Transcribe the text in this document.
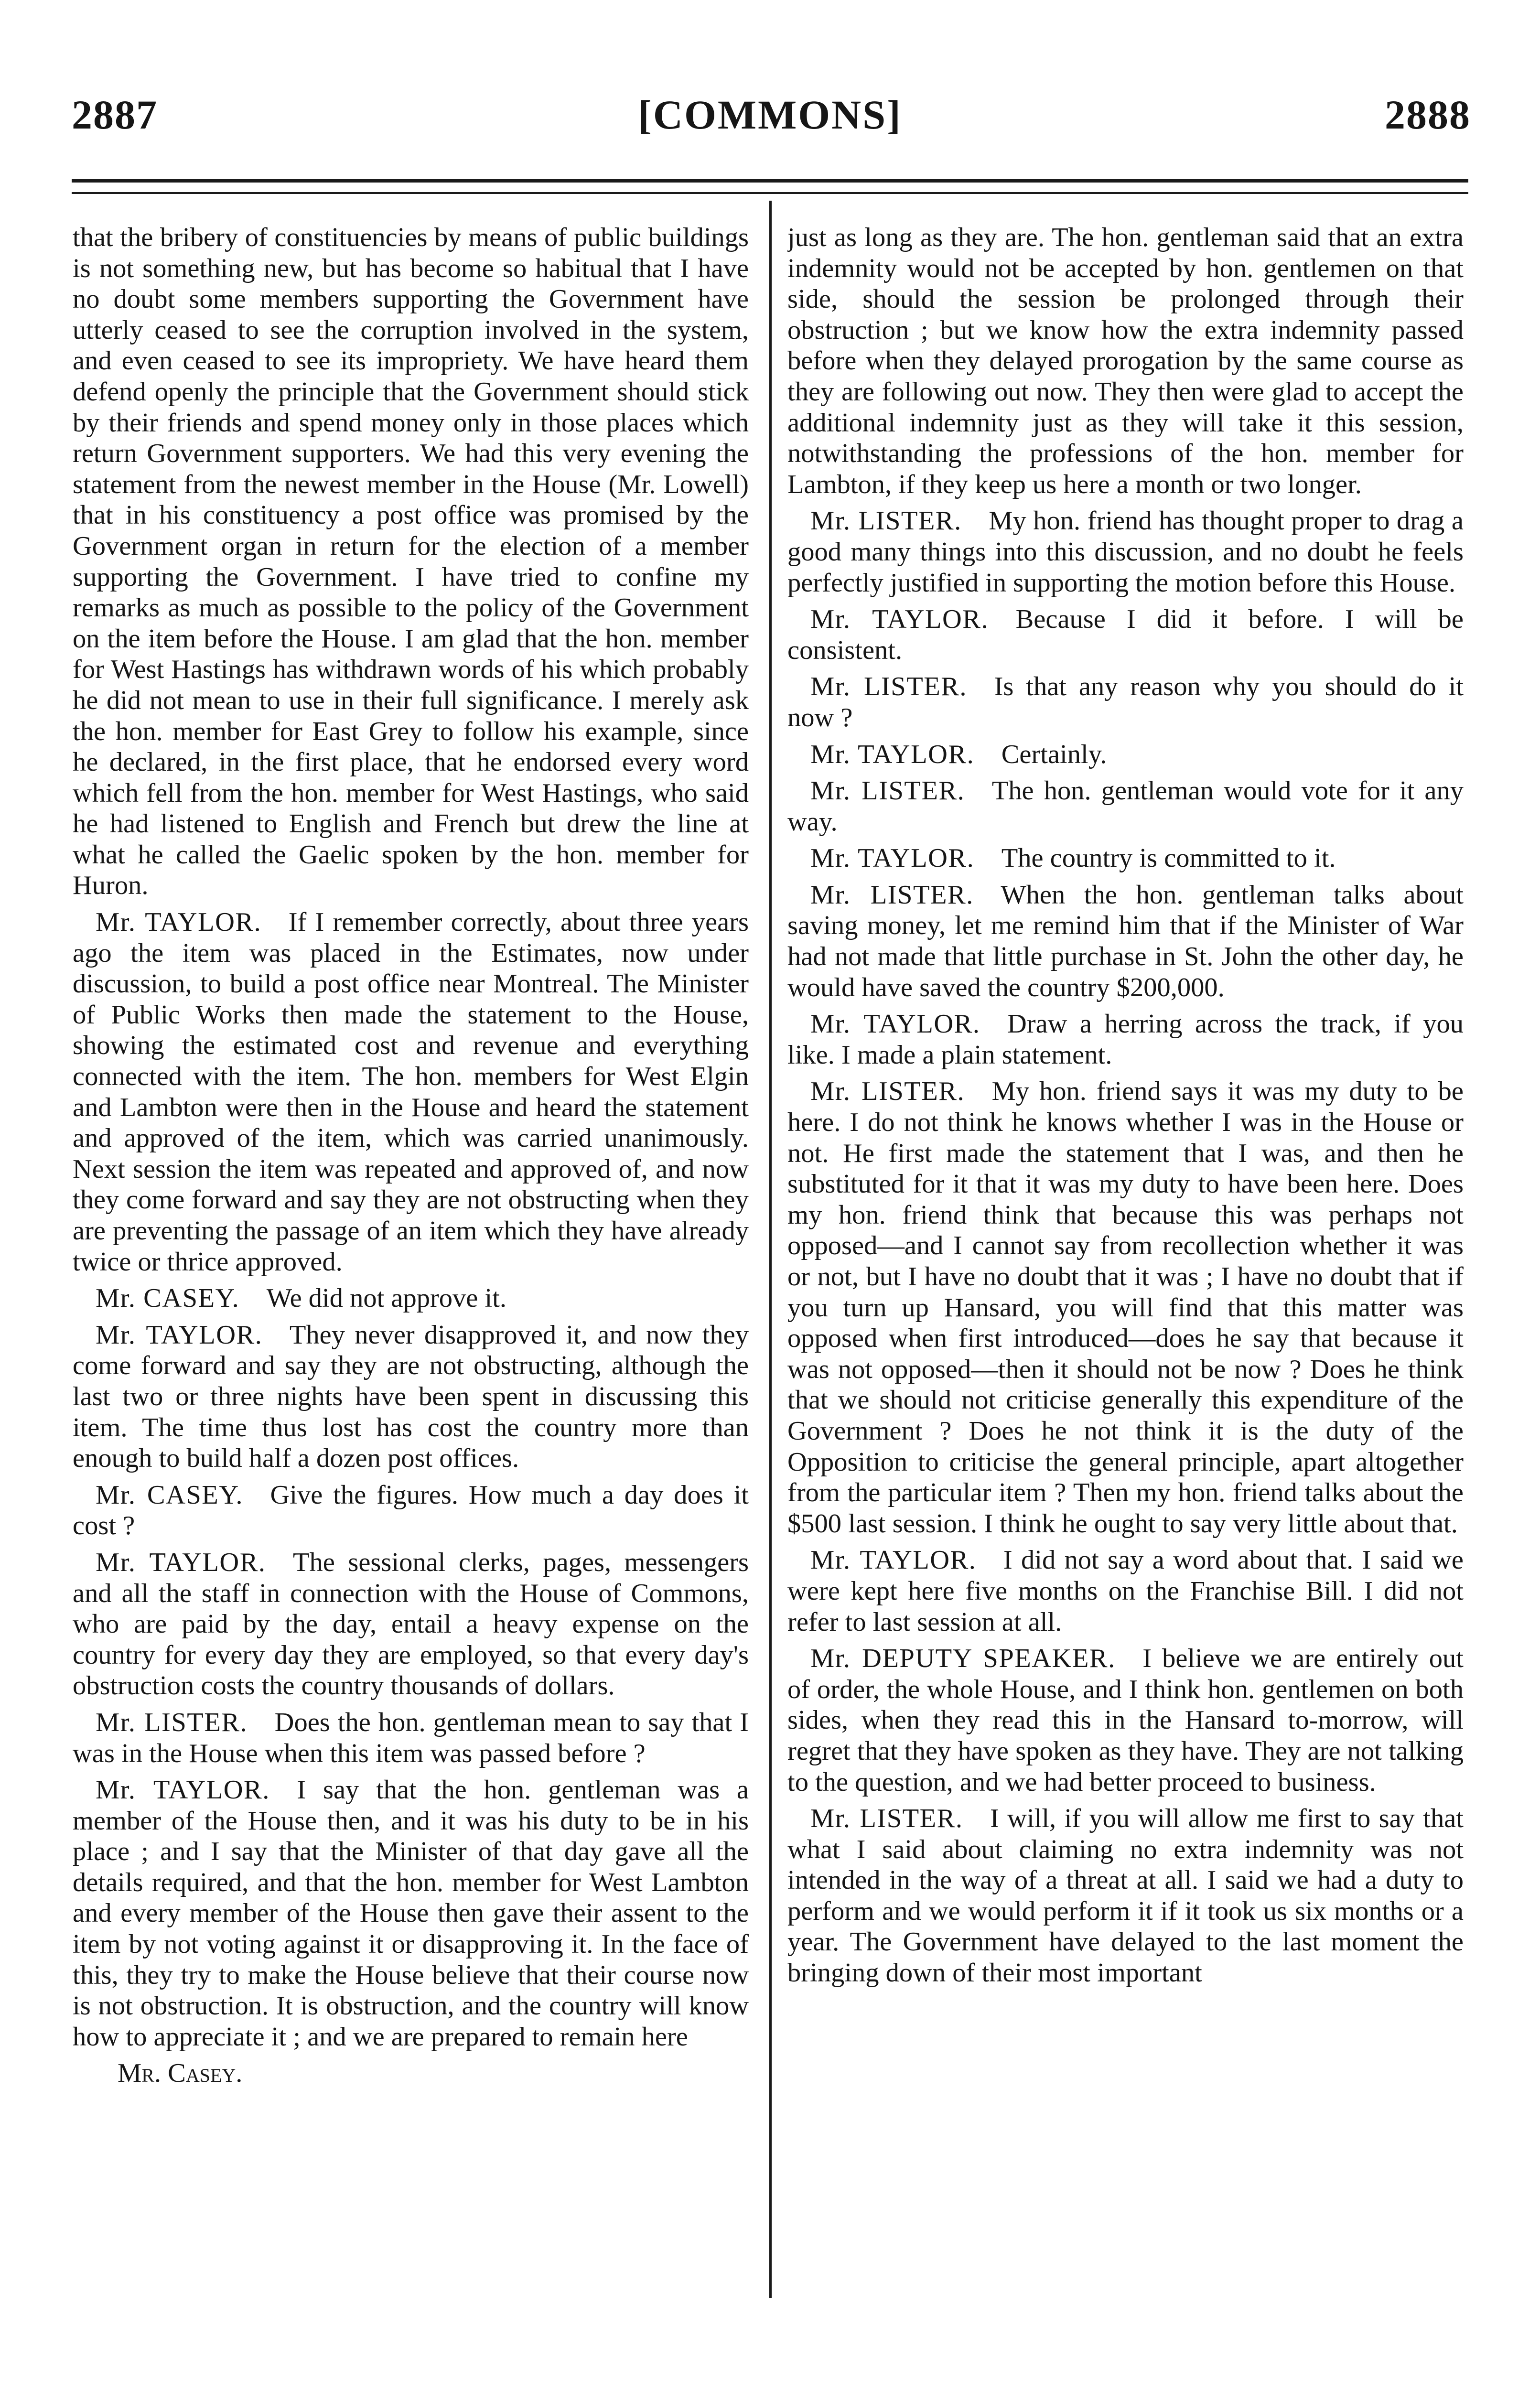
[COMMONS]
2887	2888

that the bribery of constituencies by means of public buildings is not something new, but has become so habitual that I have no doubt some members supporting the Government have utterly ceased to see the corruption involved in the system, and even ceased to see its impropriety. We have heard them defend openly the principle that the Government should stick by their friends and spend money only in those places which return Government supporters. We had this very evening the statement from the newest member in the House (Mr. Lowell) that in his constituency a post office was promised by the Government organ in return for the election of a member supporting the Government. I have tried to confine my remarks as much as possible to the policy of the Government on the item before the House. I am glad that the hon. member for West Hastings has withdrawn words of his which probably he did not mean to use in their full significance. I merely ask the hon. member for East Grey to follow his example, since he declared, in the first place, that he endorsed every word which fell from the hon. member for West Hastings, who said he had listened to English and French but drew the line at what he called the Gaelic spoken by the hon. member for Huron.

Mr. TAYLOR.  If I remember correctly, about three years ago the item was placed in the Estimates, now under discussion, to build a post office near Montreal. The Minister of Public Works then made the statement to the House, showing the estimated cost and revenue and everything connected with the item. The hon. members for West Elgin and Lambton were then in the House and heard the statement and approved of the item, which was carried unanimously. Next session the item was repeated and approved of, and now they come forward and say they are not obstructing when they are preventing the passage of an item which they have already twice or thrice approved.

Mr. CASEY.  We did not approve it.

Mr. TAYLOR.  They never disapproved it, and now they come forward and say they are not obstructing, although the last two or three nights have been spent in discussing this item. The time thus lost has cost the country more than enough to build half a dozen post offices.

Mr. CASEY.  Give the figures. How much a day does it cost ?

Mr. TAYLOR.  The sessional clerks, pages, messengers and all the staff in connection with the House of Commons, who are paid by the day, entail a heavy expense on the country for every day they are employed, so that every day's obstruction costs the country thousands of dollars.

Mr. LISTER.  Does the hon. gentleman mean to say that I was in the House when this item was passed before ?

Mr. TAYLOR.  I say that the hon. gentleman was a member of the House then, and it was his duty to be in his place ; and I say that the Minister of that day gave all the details required, and that the hon. member for West Lambton and every member of the House then gave their assent to the item by not voting against it or disapproving it. In the face of this, they try to make the House believe that their course now is not obstruction. It is obstruction, and the country will know how to appreciate it ; and we are prepared to remain here

Mr. Casey.

just as long as they are. The hon. gentleman said that an extra indemnity would not be accepted by hon. gentlemen on that side, should the session be prolonged through their obstruction ; but we know how the extra indemnity passed before when they delayed prorogation by the same course as they are following out now. They then were glad to accept the additional indemnity just as they will take it this session, notwithstanding the professions of the hon. member for Lambton, if they keep us here a month or two longer.

Mr. LISTER.  My hon. friend has thought proper to drag a good many things into this discussion, and no doubt he feels perfectly justified in supporting the motion before this House.

Mr. TAYLOR.  Because I did it before. I will be consistent.

Mr. LISTER.  Is that any reason why you should do it now ?

Mr. TAYLOR.  Certainly.

Mr. LISTER.  The hon. gentleman would vote for it any way.

Mr. TAYLOR.  The country is committed to it.

Mr. LISTER.  When the hon. gentleman talks about saving money, let me remind him that if the Minister of War had not made that little purchase in St. John the other day, he would have saved the country $200,000.

Mr. TAYLOR.  Draw a herring across the track, if you like. I made a plain statement.

Mr. LISTER.  My hon. friend says it was my duty to be here. I do not think he knows whether I was in the House or not. He first made the statement that I was, and then he substituted for it that it was my duty to have been here. Does my hon. friend think that because this was perhaps not opposed—and I cannot say from recollection whether it was or not, but I have no doubt that it was ; I have no doubt that if you turn up Hansard, you will find that this matter was opposed when first introduced—does he say that because it was not opposed—then it should not be now ? Does he think that we should not criticise generally this expenditure of the Government ? Does he not think it is the duty of the Opposition to criticise the general principle, apart altogether from the particular item ? Then my hon. friend talks about the $500 last session. I think he ought to say very little about that.

Mr. TAYLOR.  I did not say a word about that. I said we were kept here five months on the Franchise Bill. I did not refer to last session at all.

Mr. DEPUTY SPEAKER.  I believe we are entirely out of order, the whole House, and I think hon. gentlemen on both sides, when they read this in the Hansard to-morrow, will regret that they have spoken as they have. They are not talking to the question, and we had better proceed to business.

Mr. LISTER.  I will, if you will allow me first to say that what I said about claiming no extra indemnity was not intended in the way of a threat at all. I said we had a duty to perform and we would perform it if it took us six months or a year. The Government have delayed to the last moment the bringing down of their most important
